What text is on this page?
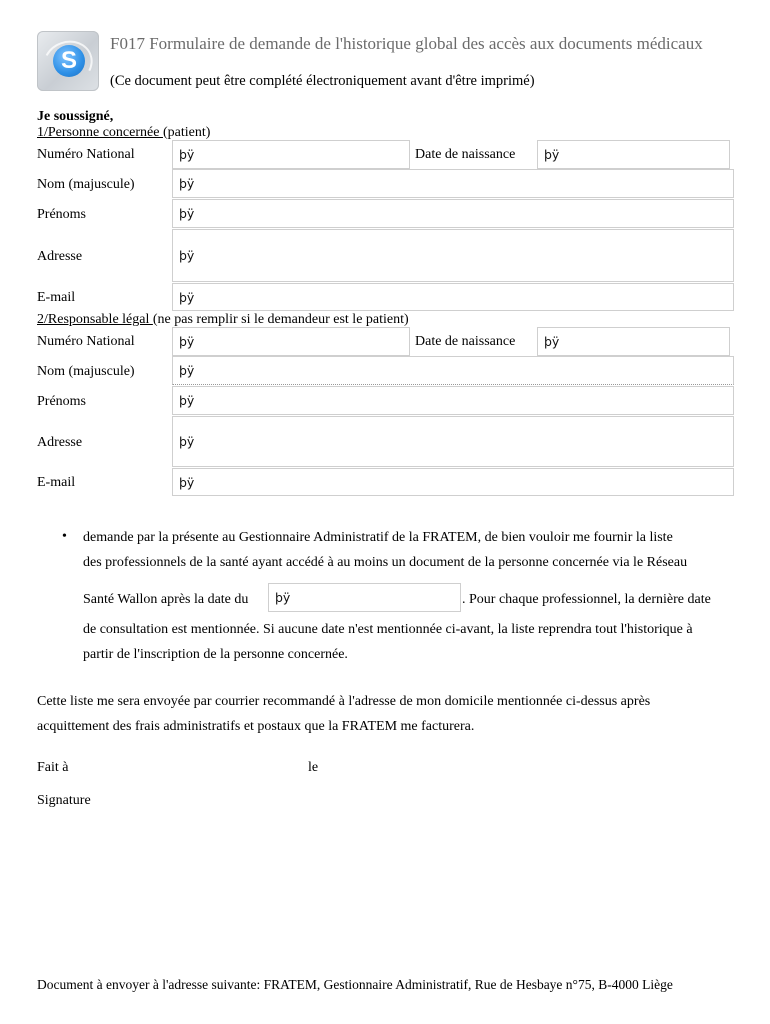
S
F017 Formulaire de demande de l'historique global des accès aux documents médicaux
(Ce document peut être complété électroniquement avant d'être imprimé)
Je soussigné,
1/Personne concernée (patient)
Numéro National	þÿ	Date de naissance	þÿ
Nom (majuscule)	þÿ
Prénoms	þÿ
Adresse	þÿ
E-mail	þÿ
2/Responsable légal (ne pas remplir si le demandeur est le patient)
Numéro National	þÿ	Date de naissance	þÿ
Nom (majuscule)	þÿ
Prénoms	þÿ
Adresse	þÿ
E-mail	þÿ
• demande par la présente au Gestionnaire Administratif de la FRATEM, de bien vouloir me fournir la liste
des professionnels de la santé ayant accédé à au moins un document de la personne concernée via le Réseau
Santé Wallon après la date du	þÿ	. Pour chaque professionnel, la dernière date
de consultation est mentionnée. Si aucune date n'est mentionnée ci-avant, la liste reprendra tout l'historique à
partir de l'inscription de la personne concernée.
Cette liste me sera envoyée par courrier recommandé à l'adresse de mon domicile mentionnée ci-dessus après
acquittement des frais administratifs et postaux que la FRATEM me facturera.
Fait à	le
Signature
Document à envoyer à l'adresse suivante: FRATEM, Gestionnaire Administratif, Rue de Hesbaye n°75, B-4000 Liège
